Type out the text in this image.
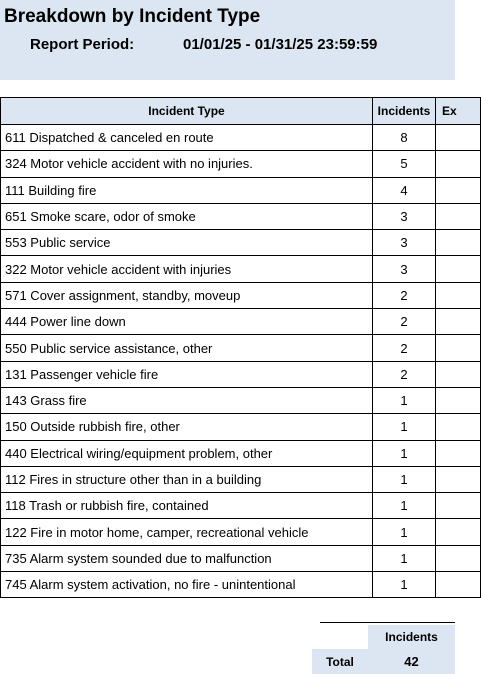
Breakdown by Incident Type
Report Period:	01/01/25 - 01/31/25 23:59:59
Incident Type	Incidents	Ex
611 Dispatched & canceled en route	8	
324 Motor vehicle accident with no injuries.	5	
111 Building fire	4	
651 Smoke scare, odor of smoke	3	
553 Public service	3	
322 Motor vehicle accident with injuries	3	
571 Cover assignment, standby, moveup	2	
444 Power line down	2	
550 Public service assistance, other	2	
131 Passenger vehicle fire	2	
143 Grass fire	1	
150 Outside rubbish fire, other	1	
440 Electrical wiring/equipment problem, other	1	
112 Fires in structure other than in a building	1	
118 Trash or rubbish fire, contained	1	
122 Fire in motor home, camper, recreational vehicle	1	
735 Alarm system sounded due to malfunction	1	
745 Alarm system activation, no fire - unintentional	1	
Incidents
Total	42
